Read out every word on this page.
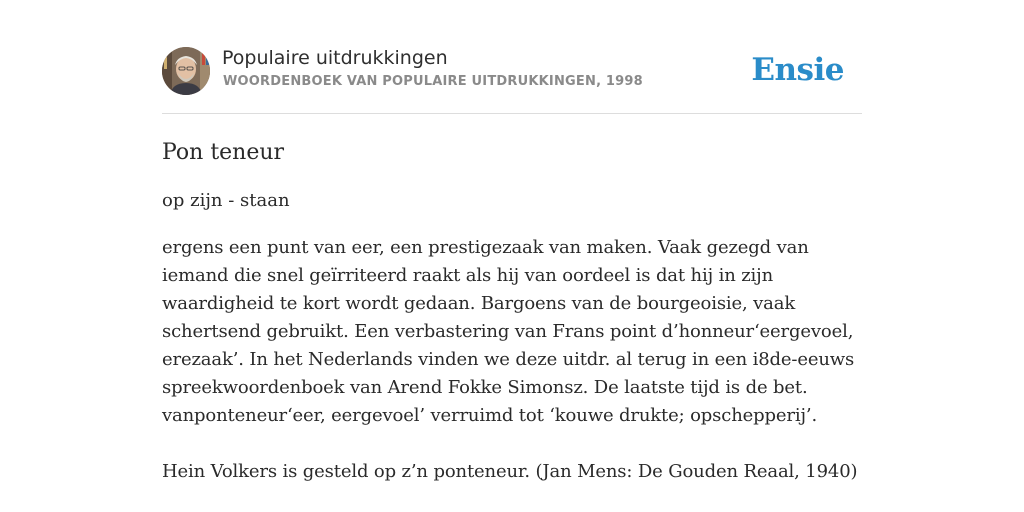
Populaire uitdrukkingen
WOORDENBOEK VAN POPULAIRE UITDRUKKINGEN, 1998	Ensie
Pon teneur
op zijn - staan

ergens een punt van eer, een prestigezaak van maken. Vaak gezegd van iemand die snel geïrriteerd raakt als hij van oordeel is dat hij in zijn waardigheid te kort wordt gedaan. Bargoens van de bourgeoisie, vaak schertsend gebruikt. Een verbastering van Frans point d’honneur‘eergevoel, erezaak’. In het Nederlands vinden we deze uitdr. al terug in een i8de-eeuws spreekwoordenboek van Arend Fokke Simonsz. De laatste tijd is de bet. vanponteneur‘eer, eergevoel’ verruimd tot ‘kouwe drukte; opschepperij’.

Hein Volkers is gesteld op z’n ponteneur. (Jan Mens: De Gouden Reaal, 1940)
